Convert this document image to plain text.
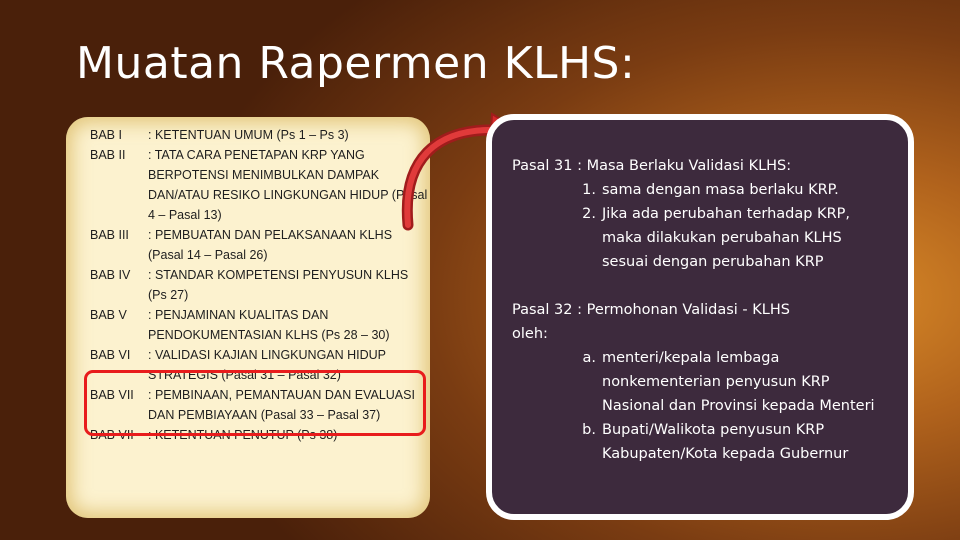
Muatan Rapermen KLHS:
BAB I	: KETENTUAN UMUM (Ps 1 – Ps 3)
BAB II	: TATA CARA PENETAPAN KRP YANG BERPOTENSI MENIMBULKAN DAMPAK DAN/ATAU RESIKO LINGKUNGAN HIDUP (Pasal 4 – Pasal 13)
BAB III	: PEMBUATAN DAN PELAKSANAAN KLHS (Pasal 14 – Pasal 26)
BAB IV	: STANDAR KOMPETENSI PENYUSUN KLHS (Ps 27)
BAB V	: PENJAMINAN KUALITAS DAN PENDOKUMENTASIAN KLHS (Ps 28 – 30)
BAB VI	: VALIDASI KAJIAN LINGKUNGAN HIDUP STRATEGIS (Pasal 31 – Pasal 32)
BAB VII	: PEMBINAAN, PEMANTAUAN DAN EVALUASI DAN PEMBIAYAAN (Pasal 33 – Pasal 37)
BAB VII	: KETENTUAN PENUTUP (Ps 38)
Pasal 31 : Masa Berlaku Validasi KLHS:
1. sama dengan masa berlaku KRP.
2. Jika ada perubahan terhadap KRP, maka dilakukan perubahan KLHS sesuai dengan perubahan KRP
Pasal 32 : Permohonan Validasi - KLHS
oleh:
a. menteri/kepala lembaga nonkementerian penyusun KRP Nasional dan Provinsi kepada Menteri
b. Bupati/Walikota penyusun KRP Kabupaten/Kota kepada Gubernur
